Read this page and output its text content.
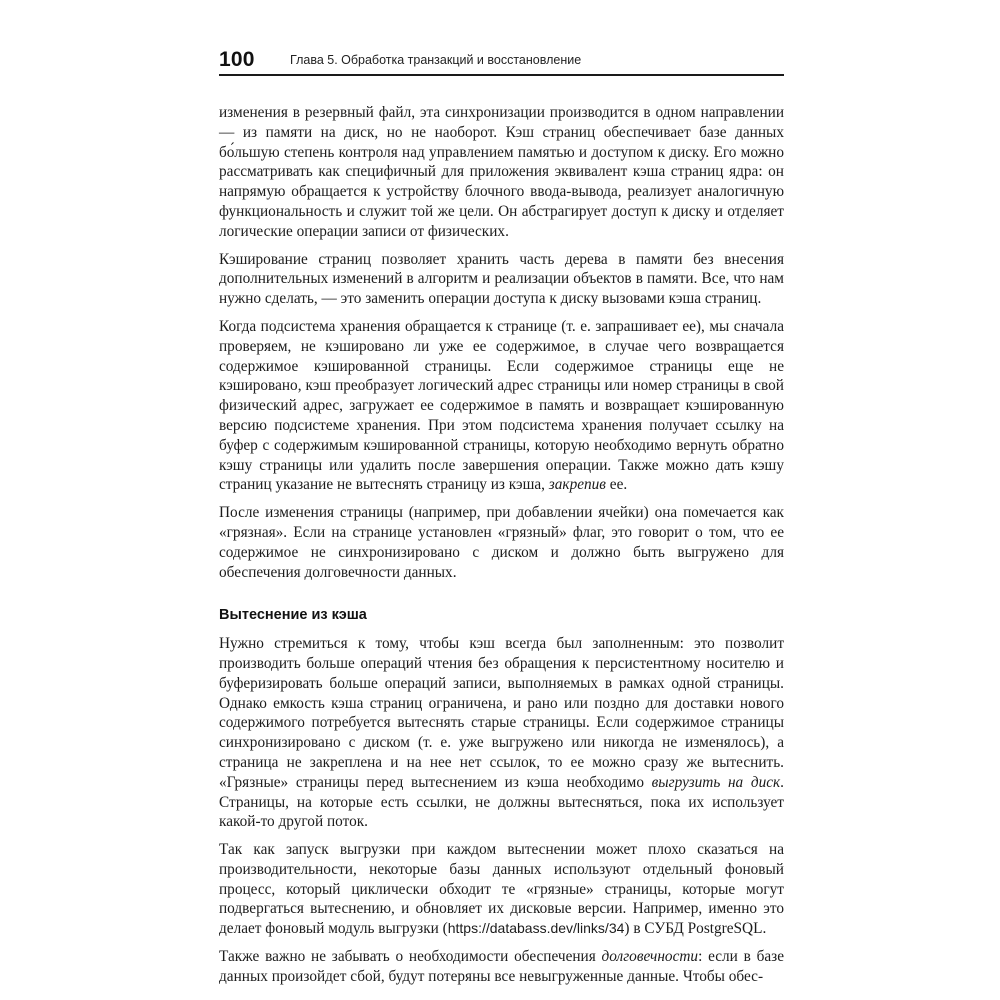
100	Глава 5. Обработка транзакций и восстановление

изменения в резервный файл, эта синхронизации производится в одном направлении — из памяти на диск, но не наоборот. Кэш страниц обеспечивает базе данных бо́льшую степень контроля над управлением памятью и доступом к диску. Его можно рассматривать как специфичный для приложения эквивалент кэша страниц ядра: он напрямую обращается к устройству блочного ввода-вывода, реализует аналогичную функциональность и служит той же цели. Он абстрагирует доступ к диску и отделяет логические операции записи от физических.

Кэширование страниц позволяет хранить часть дерева в памяти без внесения дополнительных изменений в алгоритм и реализации объектов в памяти. Все, что нам нужно сделать, — это заменить операции доступа к диску вызовами кэша страниц.

Когда подсистема хранения обращается к странице (т. е. запрашивает ее), мы сначала проверяем, не кэшировано ли уже ее содержимое, в случае чего возвращается содержимое кэшированной страницы. Если содержимое страницы еще не кэшировано, кэш преобразует логический адрес страницы или номер страницы в свой физический адрес, загружает ее содержимое в память и возвращает кэшированную версию подсистеме хранения. При этом подсистема хранения получает ссылку на буфер с содержимым кэшированной страницы, которую необходимо вернуть обратно кэшу страницы или удалить после завершения операции. Также можно дать кэшу страниц указание не вытеснять страницу из кэша, закрепив ее.

После изменения страницы (например, при добавлении ячейки) она помечается как «грязная». Если на странице установлен «грязный» флаг, это говорит о том, что ее содержимое не синхронизировано с диском и должно быть выгружено для обеспечения долговечности данных.

Вытеснение из кэша

Нужно стремиться к тому, чтобы кэш всегда был заполненным: это позволит производить больше операций чтения без обращения к персистентному носителю и буферизировать больше операций записи, выполняемых в рамках одной страницы. Однако емкость кэша страниц ограничена, и рано или поздно для доставки нового содержимого потребуется вытеснять старые страницы. Если содержимое страницы синхронизировано с диском (т. е. уже выгружено или никогда не изменялось), а страница не закреплена и на нее нет ссылок, то ее можно сразу же вытеснить. «Грязные» страницы перед вытеснением из кэша необходимо выгрузить на диск. Страницы, на которые есть ссылки, не должны вытесняться, пока их использует какой-то другой поток.

Так как запуск выгрузки при каждом вытеснении может плохо сказаться на производительности, некоторые базы данных используют отдельный фоновый процесс, который циклически обходит те «грязные» страницы, которые могут подвергаться вытеснению, и обновляет их дисковые версии. Например, именно это делает фоновый модуль выгрузки (https://databass.dev/links/34) в СУБД PostgreSQL.

Также важно не забывать о необходимости обеспечения долговечности: если в базе данных произойдет сбой, будут потеряны все невыгруженные данные. Чтобы обес-
